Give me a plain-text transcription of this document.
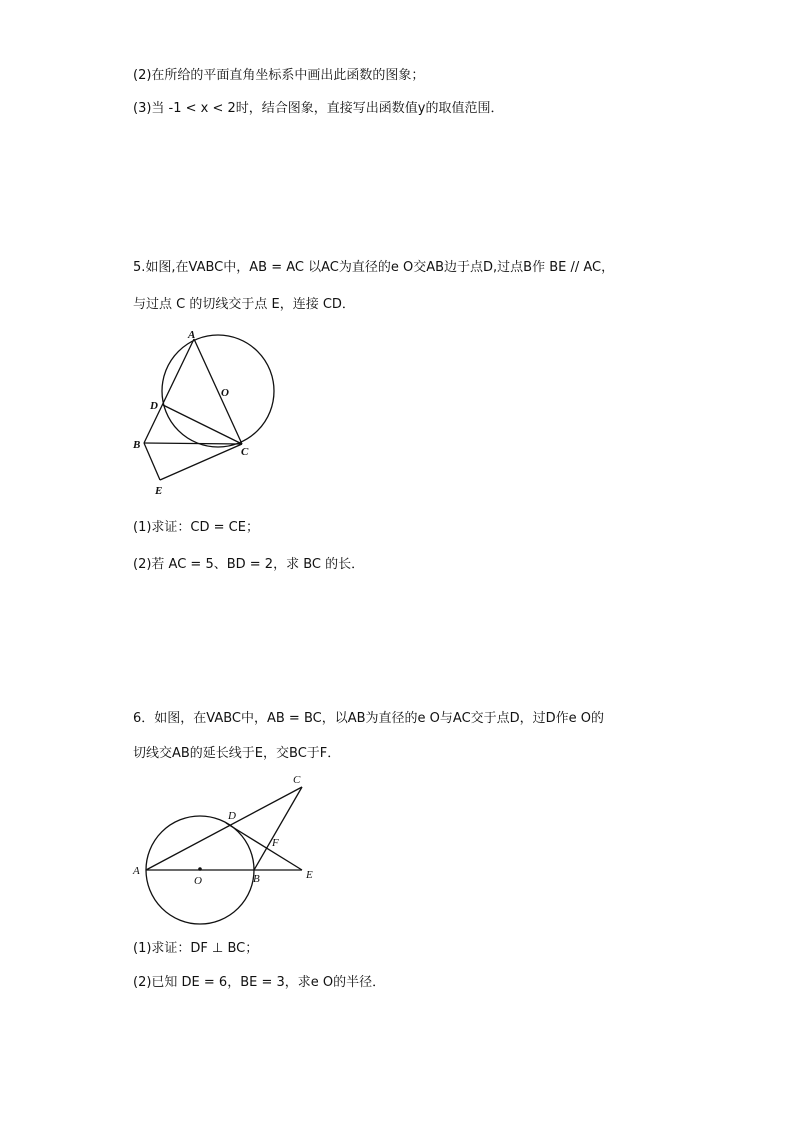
(2)在所给的平面直角坐标系中画出此函数的图象；
(3)当 -1 < x < 2时，结合图象，直接写出函数值y的取值范围．
5.如图,在VABC中，AB = AC 以AC为直径的e O交AB边于点D,过点B作 BE // AC，
与过点 C 的切线交于点 E，连接 CD．
A
O
D
B
C
E
(1)求证：CD = CE；
(2)若 AC = 5、BD = 2，求 BC 的长．
6．如图，在VABC中，AB = BC，以AB为直径的e O与AC交于点D，过D作e O的
切线交AB的延长线于E，交BC于F．
A
O	B	E
D
F
C
(1)求证：DF ⊥ BC；
(2)已知 DE = 6，BE = 3，求e O的半径．
